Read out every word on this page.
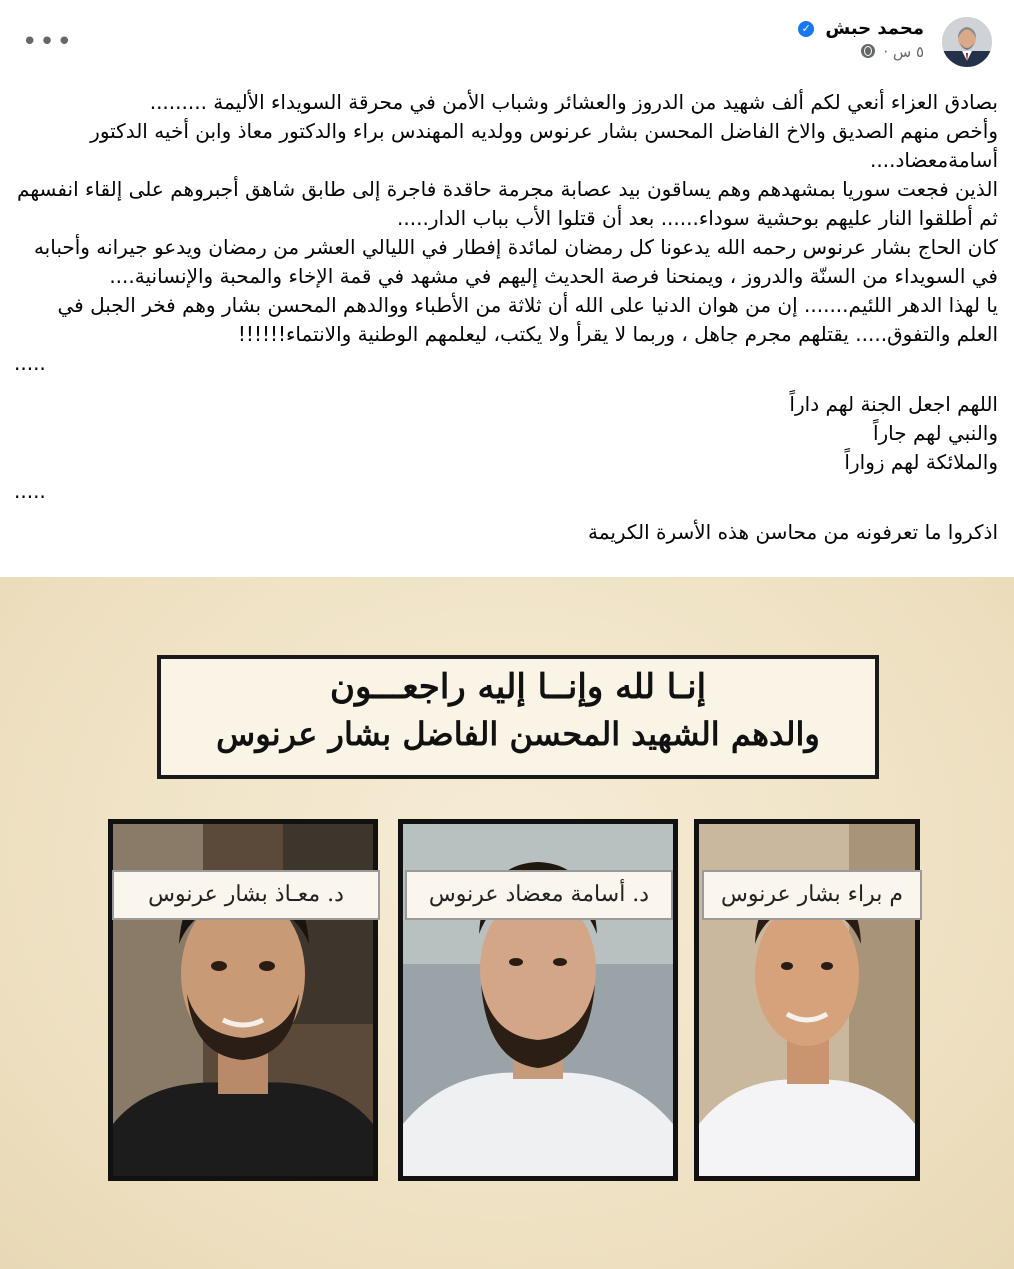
محمد حبش ✓
٥ س ·
•••

بصادق العزاء أنعي لكم ألف شهيد من الدروز والعشائر وشباب الأمن في محرقة السويداء الأليمة .........

وأخص منهم الصديق والاخ الفاضل المحسن بشار عرنوس وولديه المهندس براء والدكتور معاذ وابن أخيه الدكتور أسامةمعضاد....

الذين فجعت سوريا بمشهدهم وهم يساقون بيد عصابة مجرمة حاقدة فاجرة إلى طابق شاهق أجبروهم على إلقاء انفسهم ثم أطلقوا النار عليهم بوحشية سوداء...... بعد أن قتلوا الأب بباب الدار.....

كان الحاج بشار عرنوس رحمه الله يدعونا كل رمضان لمائدة إفطار في الليالي العشر من رمضان ويدعو جيرانه وأحبابه في السويداء من السنّة والدروز ، ويمنحنا فرصة الحديث إليهم في مشهد في قمة الإخاء والمحبة والإنسانية....

يا لهذا الدهر اللئيم....... إن من هوان الدنيا على الله أن ثلاثة من الأطباء ووالدهم المحسن بشار وهم فخر الجبل في العلم والتفوق..... يقتلهم مجرم جاهل ، وربما لا يقرأ ولا يكتب، ليعلمهم الوطنية والانتماء!!!!!!

.....

اللهم اجعل الجنة لهم داراً

والنبي لهم جاراً

والملائكة لهم زواراً

.....

اذكروا ما تعرفونه من محاسن هذه الأسرة الكريمة

إنـا لله وإنــا إليه راجعـــون
والدهم الشهيد المحسن الفاضل بشار عرنوس
د. معـاذ بشار عرنوس	د. أسامة معضاد عرنوس	م براء بشار عرنوس
